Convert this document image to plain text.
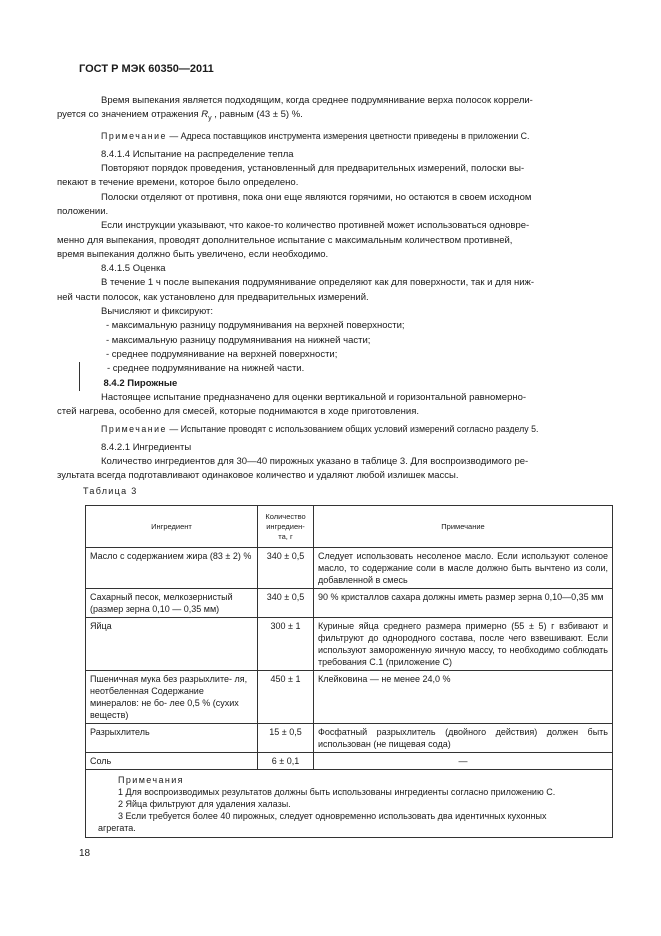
ГОСТ Р МЭК 60350—2011

Время выпекания является подходящим, когда среднее подрумянивание верха полосок коррели-
руется со значением отражения $R_y$ , равным (43 ± 5) %.

Примечание — Адреса поставщиков инструмента измерения цветности приведены в приложении С.

8.4.1.4 Испытание на распределение тепла

Повторяют порядок проведения, установленный для предварительных измерений, полоски вы-
пекают в течение времени, которое было определено.

Полоски отделяют от противня, пока они еще являются горячими, но остаются в своем исходном
положении.

Если инструкции указывают, что какое-то количество противней может использоваться одновре-
менно для выпекания, проводят дополнительное испытание с максимальным количеством противней,
время выпекания должно быть увеличено, если необходимо.

8.4.1.5 Оценка

В течение 1 ч после выпекания подрумянивание определяют как для поверхности, так и для ниж-
ней части полосок, как установлено для предварительных измерений.

Вычисляют и фиксируют:

- максимальную разницу подрумянивания на верхней поверхности;

- максимальную разницу подрумянивания на нижней части;

- среднее подрумянивание на верхней поверхности;

- среднее подрумянивание на нижней части.

8.4.2 Пирожные

Настоящее испытание предназначено для оценки вертикальной и горизонтальной равномерно-
стей нагрева, особенно для смесей, которые поднимаются в ходе приготовления.

Примечание — Испытание проводят с использованием общих условий измерений согласно разделу 5.

8.4.2.1 Ингредиенты

Количество ингредиентов для 30—40 пирожных указано в таблице 3. Для воспроизводимого ре-
зультата всегда подготавливают одинаковое количество и удаляют любой излишек массы.

Таблица 3
Ингредиент	Количество ингредиен- та, г	Примечание
Масло с содержанием жира (83 ± 2) %	340 ± 0,5	Следует использовать несоленое масло. Если используют соленое масло, то содержание соли в масле должно быть вычтено из соли, добавленной в смесь
Сахарный песок, мелкозернистый (размер зерна 0,10 — 0,35 мм)	340 ± 0,5	90 % кристаллов сахара должны иметь размер зерна 0,10—0,35 мм
Яйца	300 ± 1	Куриные яйца среднего размера примерно (55 ± 5) г взбивают и фильтруют до однородного состава, после чего взвешивают. Если используют замороженную яичную массу, то необходимо соблюдать требования С.1 (приложение С)
Пшеничная мука без разрыхлите- ля, неотбеленная Содержание минералов: не бо- лее 0,5 % (сухих веществ)	450 ± 1	Клейковина — не менее 24,0 %
Разрыхлитель	15 ± 0,5	Фосфатный разрыхлитель (двойного действия) должен быть использован (не пищевая сода)
Соль	6 ± 0,1	—

Примечания
1 Для воспроизводимых результатов должны быть использованы ингредиенты согласно приложению С.
2 Яйца фильтруют для удаления халазы.
3 Если требуется более 40 пирожных, следует одновременно использовать два идентичных кухонных
агрегата.		
18
